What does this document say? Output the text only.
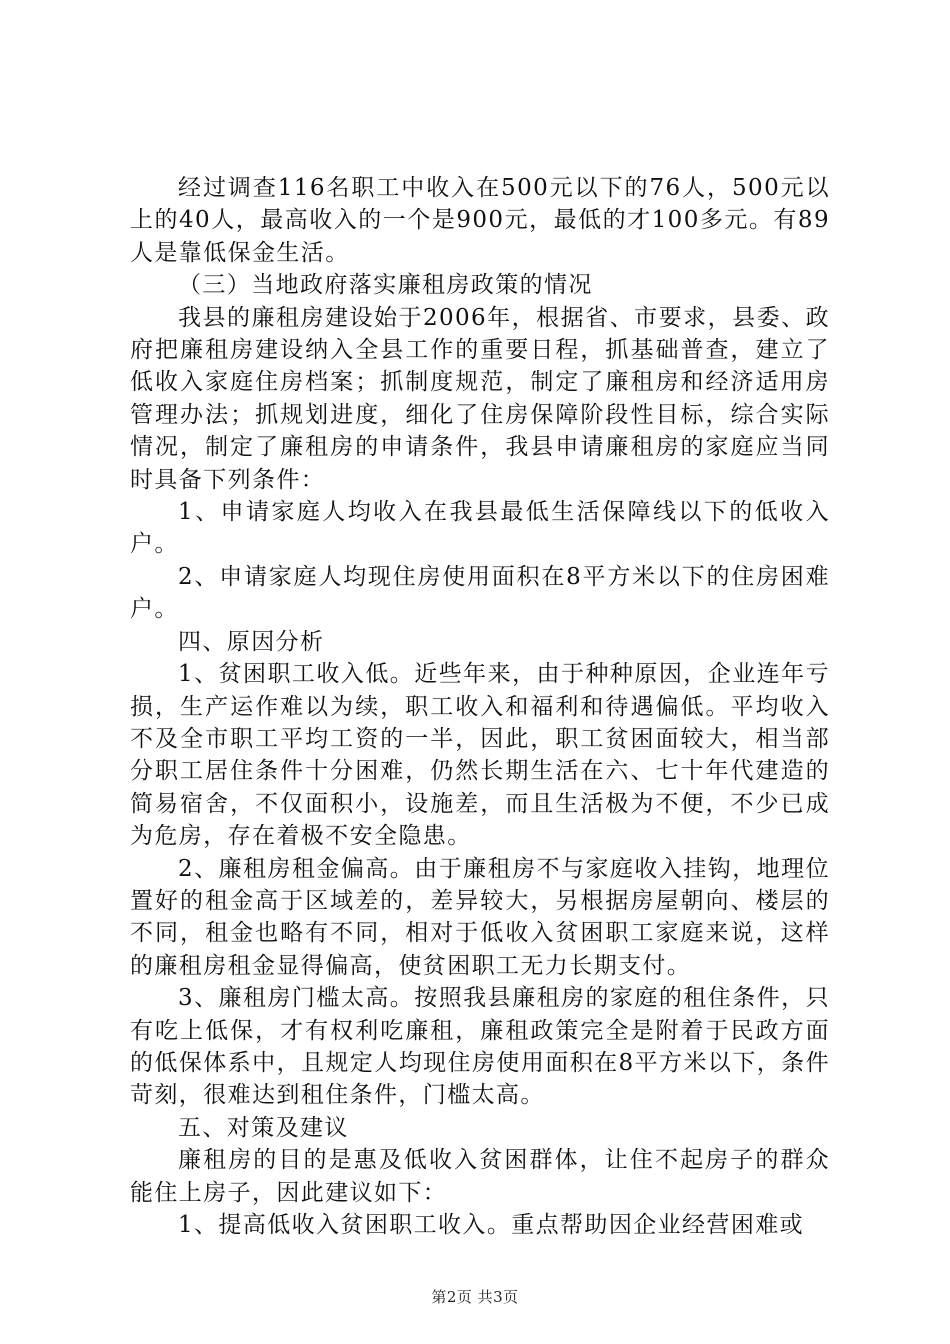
经过调查116名职工中收入在500元以下的76人，500元以上的40人，最高收入的一个是900元，最低的才100多元。有89人是靠低保金生活。

（三）当地政府落实廉租房政策的情况

我县的廉租房建设始于2006年，根据省、市要求，县委、政府把廉租房建设纳入全县工作的重要日程，抓基础普查，建立了低收入家庭住房档案；抓制度规范，制定了廉租房和经济适用房管理办法；抓规划进度，细化了住房保障阶段性目标，综合实际情况，制定了廉租房的申请条件，我县申请廉租房的家庭应当同时具备下列条件：

1、申请家庭人均收入在我县最低生活保障线以下的低收入户。

2、申请家庭人均现住房使用面积在8平方米以下的住房困难户。

四、原因分析

1、贫困职工收入低。近些年来，由于种种原因，企业连年亏损，生产运作难以为续，职工收入和福利和待遇偏低。平均收入不及全市职工平均工资的一半，因此，职工贫困面较大，相当部分职工居住条件十分困难，仍然长期生活在六、七十年代建造的简易宿舍，不仅面积小，设施差，而且生活极为不便，不少已成为危房，存在着极不安全隐患。

2、廉租房租金偏高。由于廉租房不与家庭收入挂钩，地理位置好的租金高于区域差的，差异较大，另根据房屋朝向、楼层的不同，租金也略有不同，相对于低收入贫困职工家庭来说，这样的廉租房租金显得偏高，使贫困职工无力长期支付。

3、廉租房门槛太高。按照我县廉租房的家庭的租住条件，只有吃上低保，才有权利吃廉租，廉租政策完全是附着于民政方面的低保体系中，且规定人均现住房使用面积在8平方米以下，条件苛刻，很难达到租住条件，门槛太高。

五、对策及建议

廉租房的目的是惠及低收入贫困群体，让住不起房子的群众能住上房子，因此建议如下：

1、提高低收入贫困职工收入。重点帮助因企业经营困难或

第2页 共3页
